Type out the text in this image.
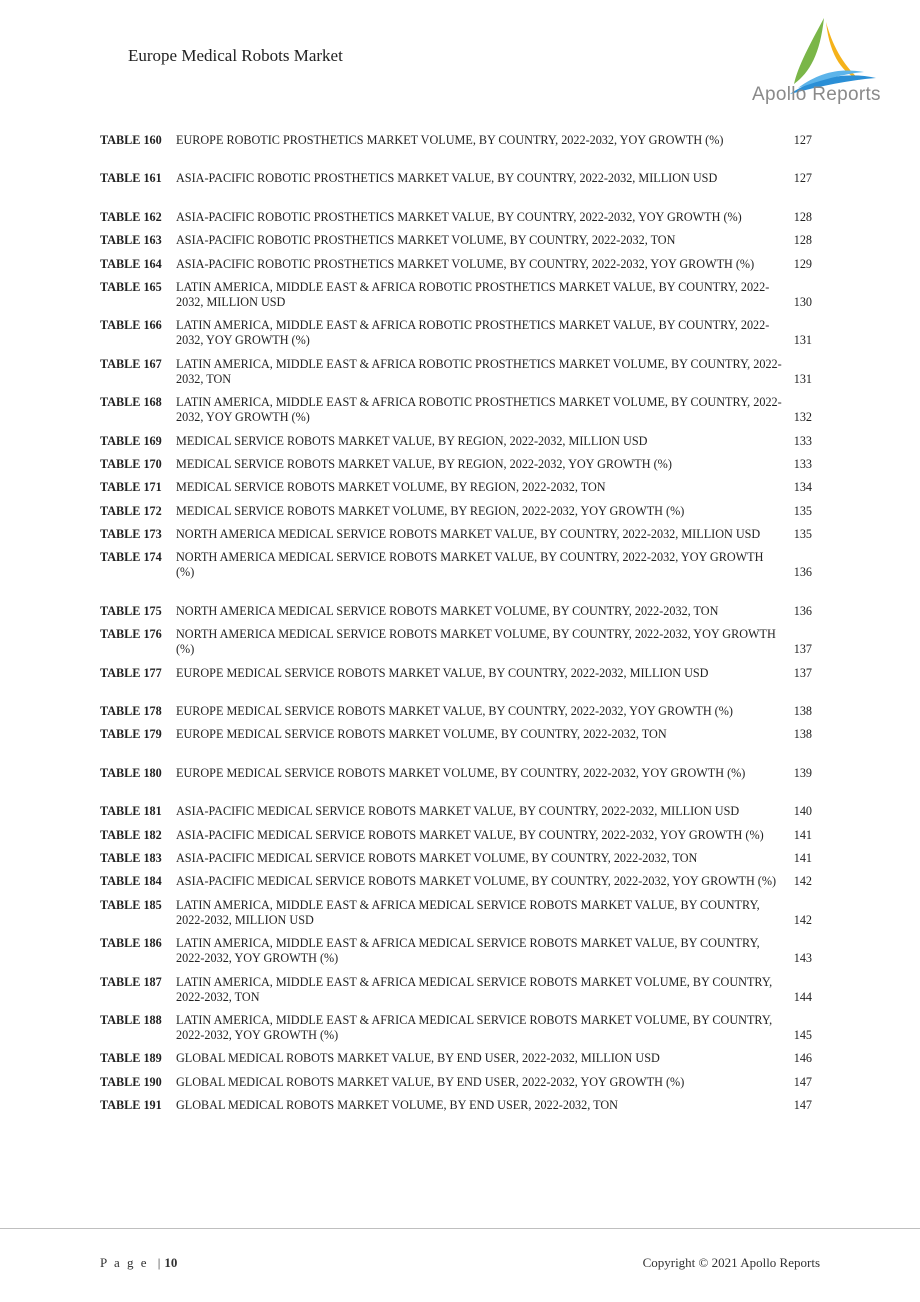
Europe Medical Robots Market
Apollo Reports
TABLE 160	EUROPE ROBOTIC PROSTHETICS MARKET VOLUME, BY COUNTRY, 2022-2032, YOY GROWTH (%)	127
TABLE 161	ASIA-PACIFIC ROBOTIC PROSTHETICS MARKET VALUE, BY COUNTRY, 2022-2032, MILLION USD	127
TABLE 162	ASIA-PACIFIC ROBOTIC PROSTHETICS MARKET VALUE, BY COUNTRY, 2022-2032, YOY GROWTH (%)	128
TABLE 163	ASIA-PACIFIC ROBOTIC PROSTHETICS MARKET VOLUME, BY COUNTRY, 2022-2032, TON	128
TABLE 164	ASIA-PACIFIC ROBOTIC PROSTHETICS MARKET VOLUME, BY COUNTRY, 2022-2032, YOY GROWTH (%)	129
TABLE 165	LATIN AMERICA, MIDDLE EAST & AFRICA ROBOTIC PROSTHETICS MARKET VALUE, BY COUNTRY, 2022-2032, MILLION USD	130
TABLE 166	LATIN AMERICA, MIDDLE EAST & AFRICA ROBOTIC PROSTHETICS MARKET VALUE, BY COUNTRY, 2022-2032, YOY GROWTH (%)	131
TABLE 167	LATIN AMERICA, MIDDLE EAST & AFRICA ROBOTIC PROSTHETICS MARKET VOLUME, BY COUNTRY, 2022-2032, TON	131
TABLE 168	LATIN AMERICA, MIDDLE EAST & AFRICA ROBOTIC PROSTHETICS MARKET VOLUME, BY COUNTRY, 2022-2032, YOY GROWTH (%)	132
TABLE 169	MEDICAL SERVICE ROBOTS MARKET VALUE, BY REGION, 2022-2032, MILLION USD	133
TABLE 170	MEDICAL SERVICE ROBOTS MARKET VALUE, BY REGION, 2022-2032, YOY GROWTH (%)	133
TABLE 171	MEDICAL SERVICE ROBOTS MARKET VOLUME, BY REGION, 2022-2032, TON	134
TABLE 172	MEDICAL SERVICE ROBOTS MARKET VOLUME, BY REGION, 2022-2032, YOY GROWTH (%)	135
TABLE 173	NORTH AMERICA MEDICAL SERVICE ROBOTS MARKET VALUE, BY COUNTRY, 2022-2032, MILLION USD	135
TABLE 174	NORTH AMERICA MEDICAL SERVICE ROBOTS MARKET VALUE, BY COUNTRY, 2022-2032, YOY GROWTH (%)	136
TABLE 175	NORTH AMERICA MEDICAL SERVICE ROBOTS MARKET VOLUME, BY COUNTRY, 2022-2032, TON	136
TABLE 176	NORTH AMERICA MEDICAL SERVICE ROBOTS MARKET VOLUME, BY COUNTRY, 2022-2032, YOY GROWTH (%)	137
TABLE 177	EUROPE MEDICAL SERVICE ROBOTS MARKET VALUE, BY COUNTRY, 2022-2032, MILLION USD	137
TABLE 178	EUROPE MEDICAL SERVICE ROBOTS MARKET VALUE, BY COUNTRY, 2022-2032, YOY GROWTH (%)	138
TABLE 179	EUROPE MEDICAL SERVICE ROBOTS MARKET VOLUME, BY COUNTRY, 2022-2032, TON	138
TABLE 180	EUROPE MEDICAL SERVICE ROBOTS MARKET VOLUME, BY COUNTRY, 2022-2032, YOY GROWTH (%)	139
TABLE 181	ASIA-PACIFIC MEDICAL SERVICE ROBOTS MARKET VALUE, BY COUNTRY, 2022-2032, MILLION USD	140
TABLE 182	ASIA-PACIFIC MEDICAL SERVICE ROBOTS MARKET VALUE, BY COUNTRY, 2022-2032, YOY GROWTH (%)	141
TABLE 183	ASIA-PACIFIC MEDICAL SERVICE ROBOTS MARKET VOLUME, BY COUNTRY, 2022-2032, TON	141
TABLE 184	ASIA-PACIFIC MEDICAL SERVICE ROBOTS MARKET VOLUME, BY COUNTRY, 2022-2032, YOY GROWTH (%)	142
TABLE 185	LATIN AMERICA, MIDDLE EAST & AFRICA MEDICAL SERVICE ROBOTS MARKET VALUE, BY COUNTRY, 2022-2032, MILLION USD	142
TABLE 186	LATIN AMERICA, MIDDLE EAST & AFRICA MEDICAL SERVICE ROBOTS MARKET VALUE, BY COUNTRY, 2022-2032, YOY GROWTH (%)	143
TABLE 187	LATIN AMERICA, MIDDLE EAST & AFRICA MEDICAL SERVICE ROBOTS MARKET VOLUME, BY COUNTRY, 2022-2032, TON	144
TABLE 188	LATIN AMERICA, MIDDLE EAST & AFRICA MEDICAL SERVICE ROBOTS MARKET VOLUME, BY COUNTRY, 2022-2032, YOY GROWTH (%)	145
TABLE 189	GLOBAL MEDICAL ROBOTS MARKET VALUE, BY END USER, 2022-2032, MILLION USD	146
TABLE 190	GLOBAL MEDICAL ROBOTS MARKET VALUE, BY END USER, 2022-2032, YOY GROWTH (%)	147
TABLE 191	GLOBAL MEDICAL ROBOTS MARKET VOLUME, BY END USER, 2022-2032, TON	147
P a g e | 10	Copyright © 2021 Apollo Reports
